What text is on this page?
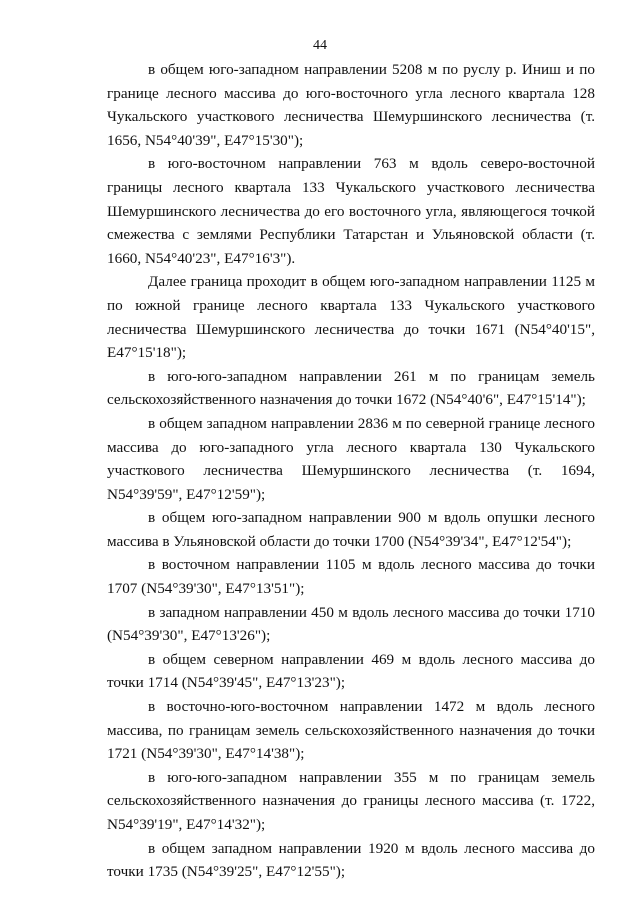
44

в общем юго-западном направлении 5208 м по руслу р. Иниш и по границе лесного массива до юго-восточного угла лесного квартала 128 Чукальского участкового лесничества Шемуршинского лесничества (т. 1656, N54°40'39", E47°15'30");

в юго-восточном направлении 763 м вдоль северо-восточной границы лесного квартала 133 Чукальского участкового лесничества Шемуршинского лесничества до его восточного угла, являющегося точкой смежества с землями Республики Татарстан и Ульяновской области (т. 1660, N54°40'23", E47°16'3").

Далее граница проходит в общем юго-западном направлении 1125 м по южной границе лесного квартала 133 Чукальского участкового лесничества Шемуршинского лесничества до точки 1671 (N54°40'15", E47°15'18");

в юго-юго-западном направлении 261 м по границам земель сельскохозяйственного назначения до точки 1672 (N54°40'6", E47°15'14");

в общем западном направлении 2836 м по северной границе лесного массива до юго-западного угла лесного квартала 130 Чукальского участкового лесничества Шемуршинского лесничества (т. 1694, N54°39'59", E47°12'59");

в общем юго-западном направлении 900 м вдоль опушки лесного массива в Ульяновской области до точки 1700 (N54°39'34", E47°12'54");

в восточном направлении 1105 м вдоль лесного массива до точки 1707 (N54°39'30", E47°13'51");

в западном направлении 450 м вдоль лесного массива до точки 1710 (N54°39'30", E47°13'26");

в общем северном направлении 469 м вдоль лесного массива до точки 1714 (N54°39'45", E47°13'23");

в восточно-юго-восточном направлении 1472 м вдоль лесного массива, по границам земель сельскохозяйственного назначения до точки 1721 (N54°39'30", E47°14'38");

в юго-юго-западном направлении 355 м по границам земель сельскохозяйственного назначения до границы лесного массива (т. 1722, N54°39'19", E47°14'32");

в общем западном направлении 1920 м вдоль лесного массива до точки 1735 (N54°39'25", E47°12'55");
